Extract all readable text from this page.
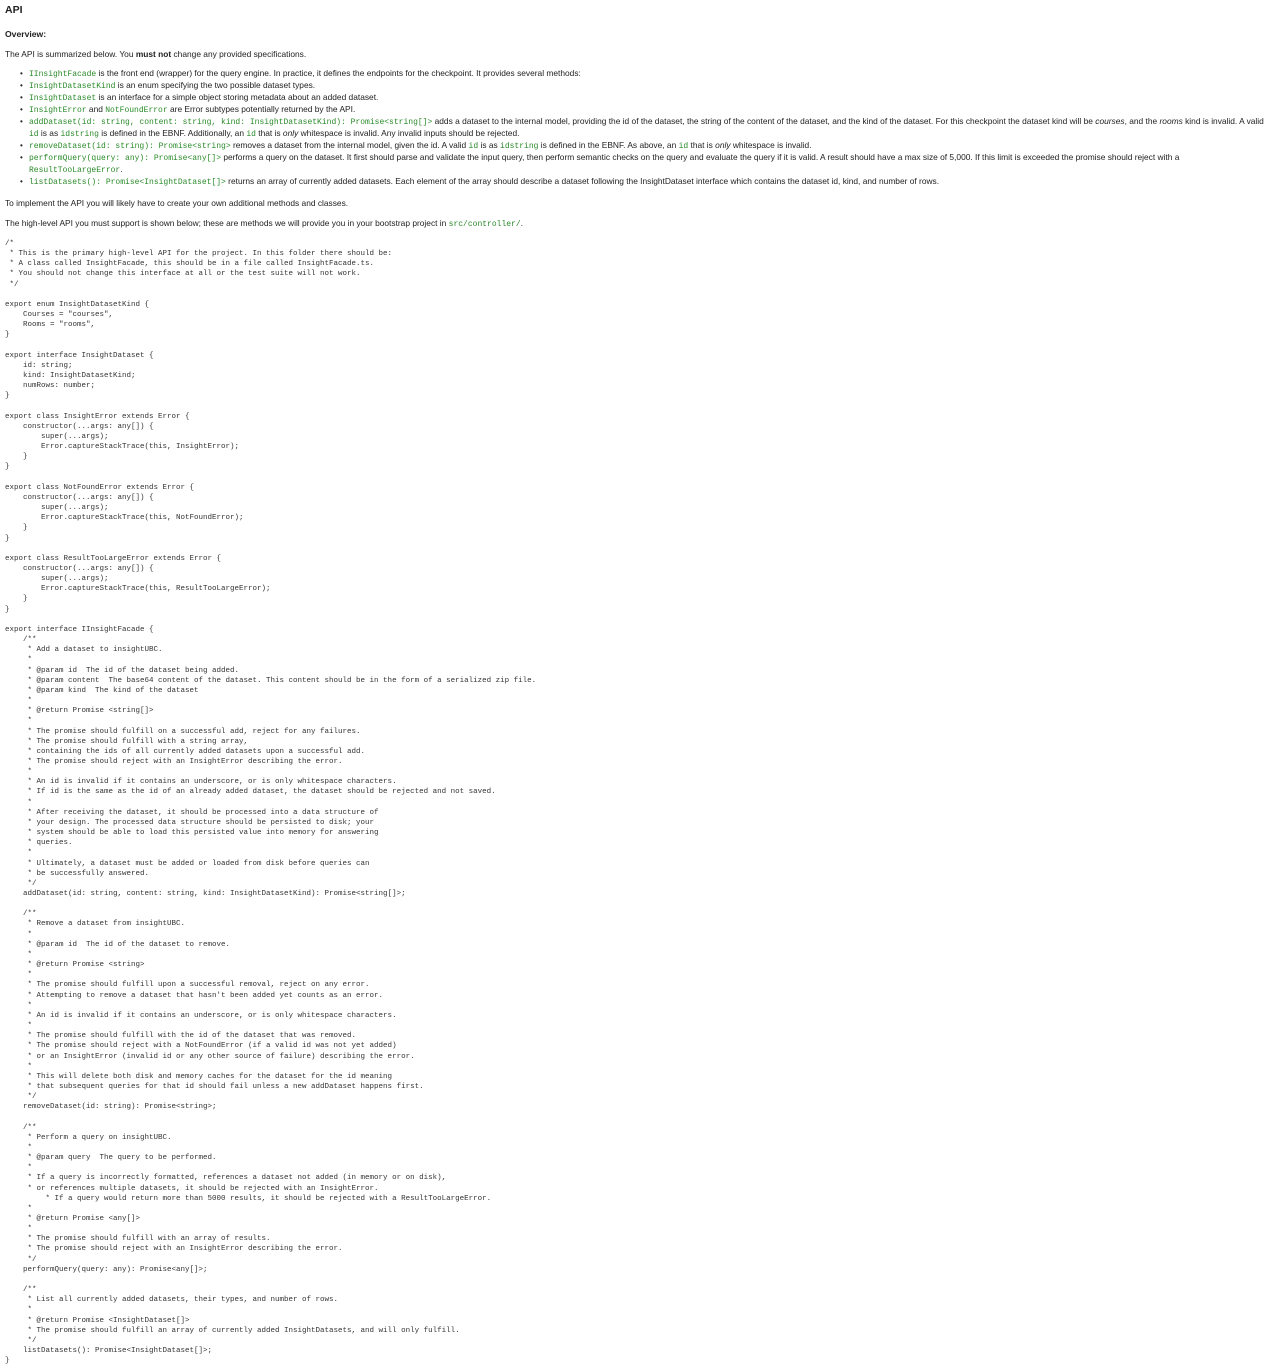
API
Overview:

The API is summarized below. You must not change any provided specifications.

• IInsightFacade is the front end (wrapper) for the query engine. In practice, it defines the endpoints for the checkpoint. It provides several methods:
• InsightDatasetKind is an enum specifying the two possible dataset types.
• InsightDataset is an interface for a simple object storing metadata about an added dataset.
• InsightError and NotFoundError are Error subtypes potentially returned by the API.
• addDataset(id: string, content: string, kind: InsightDatasetKind): Promise<string[]> adds a dataset to the internal model, providing the id of the dataset, the string of the content of the dataset, and the kind of the dataset. For this checkpoint the dataset kind will be courses, and the rooms kind is invalid. A valid id is as idstring is defined in the EBNF. Additionally, an id that is only whitespace is invalid. Any invalid inputs should be rejected.
• removeDataset(id: string): Promise<string> removes a dataset from the internal model, given the id. A valid id is as idstring is defined in the EBNF. As above, an id that is only whitespace is invalid.
• performQuery(query: any): Promise<any[]> performs a query on the dataset. It first should parse and validate the input query, then perform semantic checks on the query and evaluate the query if it is valid. A result should have a max size of 5,000. If this limit is exceeded the promise should reject with a ResultTooLargeError.
• listDatasets(): Promise<InsightDataset[]> returns an array of currently added datasets. Each element of the array should describe a dataset following the InsightDataset interface which contains the dataset id, kind, and number of rows.

To implement the API you will likely have to create your own additional methods and classes.

The high-level API you must support is shown below; these are methods we will provide you in your bootstrap project in src/controller/.

/*
* This is the primary high-level API for the project. In this folder there should be:
* A class called InsightFacade, this should be in a file called InsightFacade.ts.
* You should not change this interface at all or the test suite will not work.
*/

export enum InsightDatasetKind {
Courses = "courses",
Rooms = "rooms",
}

export interface InsightDataset {
id: string;
kind: InsightDatasetKind;
numRows: number;
}

export class InsightError extends Error {
constructor(...args: any[]) {
super(...args);
Error.captureStackTrace(this, InsightError);
}
}

export class NotFoundError extends Error {
constructor(...args: any[]) {
super(...args);
Error.captureStackTrace(this, NotFoundError);
}
}

export class ResultTooLargeError extends Error {
constructor(...args: any[]) {
super(...args);
Error.captureStackTrace(this, ResultTooLargeError);
}
}

export interface IInsightFacade {
/**
* Add a dataset to insightUBC.
*
* @param id  The id of the dataset being added.
* @param content  The base64 content of the dataset. This content should be in the form of a serialized zip file.
* @param kind  The kind of the dataset
*
* @return Promise <string[]>
*
* The promise should fulfill on a successful add, reject for any failures.
* The promise should fulfill with a string array,
* containing the ids of all currently added datasets upon a successful add.
* The promise should reject with an InsightError describing the error.
*
* An id is invalid if it contains an underscore, or is only whitespace characters.
* If id is the same as the id of an already added dataset, the dataset should be rejected and not saved.
*
* After receiving the dataset, it should be processed into a data structure of
* your design. The processed data structure should be persisted to disk; your
* system should be able to load this persisted value into memory for answering
* queries.
*
* Ultimately, a dataset must be added or loaded from disk before queries can
* be successfully answered.
*/
addDataset(id: string, content: string, kind: InsightDatasetKind): Promise<string[]>;

/**
* Remove a dataset from insightUBC.
*
* @param id  The id of the dataset to remove.
*
* @return Promise <string>
*
* The promise should fulfill upon a successful removal, reject on any error.
* Attempting to remove a dataset that hasn't been added yet counts as an error.
*
* An id is invalid if it contains an underscore, or is only whitespace characters.
*
* The promise should fulfill with the id of the dataset that was removed.
* The promise should reject with a NotFoundError (if a valid id was not yet added)
* or an InsightError (invalid id or any other source of failure) describing the error.
*
* This will delete both disk and memory caches for the dataset for the id meaning
* that subsequent queries for that id should fail unless a new addDataset happens first.
*/
removeDataset(id: string): Promise<string>;

/**
* Perform a query on insightUBC.
*
* @param query  The query to be performed.
*
* If a query is incorrectly formatted, references a dataset not added (in memory or on disk),
* or references multiple datasets, it should be rejected with an InsightError.
* If a query would return more than 5000 results, it should be rejected with a ResultTooLargeError.
*
* @return Promise <any[]>
*
* The promise should fulfill with an array of results.
* The promise should reject with an InsightError describing the error.
*/
performQuery(query: any): Promise<any[]>;

/**
* List all currently added datasets, their types, and number of rows.
*
* @return Promise <InsightDataset[]>
* The promise should fulfill an array of currently added InsightDatasets, and will only fulfill.
*/
listDatasets(): Promise<InsightDataset[]>;
}
